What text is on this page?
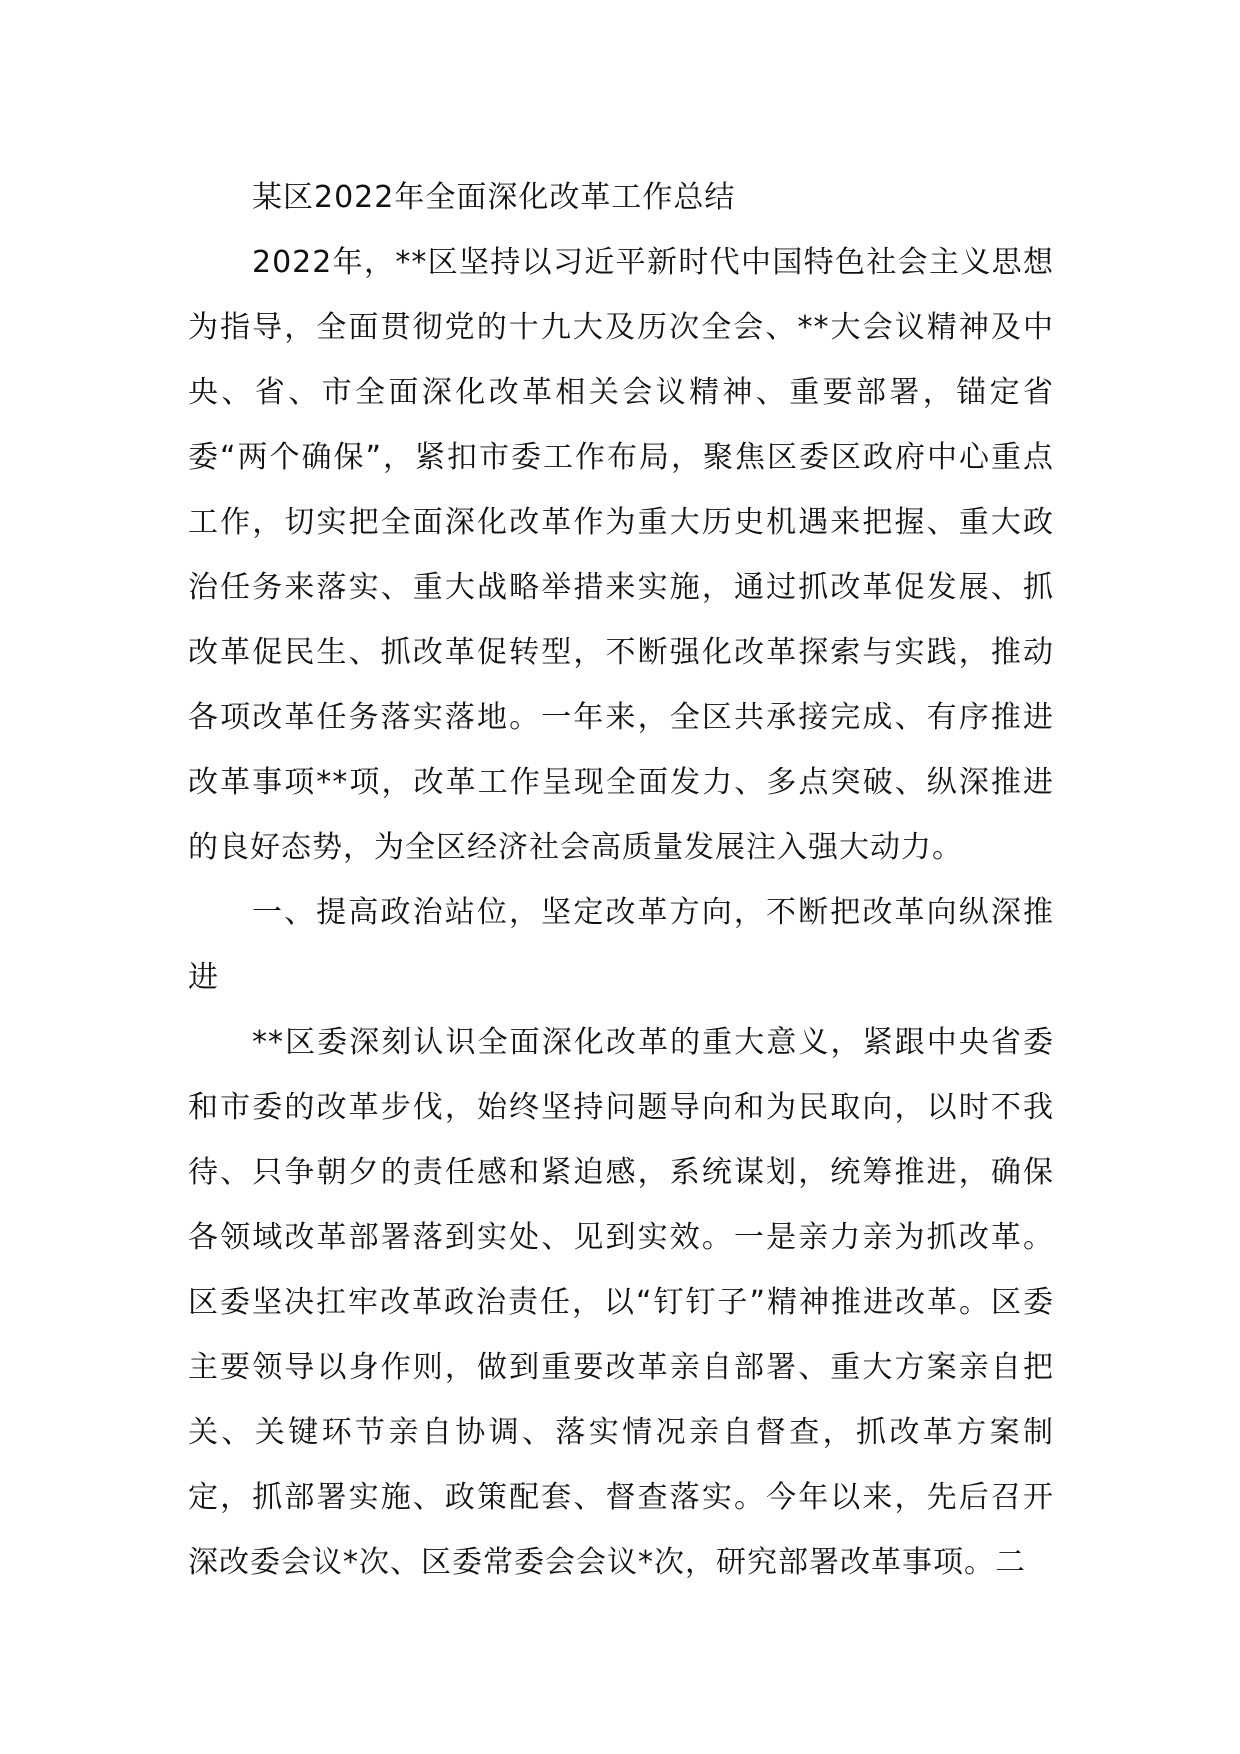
某区2022年全面深化改革工作总结

2022年，**区坚持以习近平新时代中国特色社会主义思想为指导，全面贯彻党的十九大及历次全会、**大会议精神及中央、省、市全面深化改革相关会议精神、重要部署，锚定省委“两个确保”，紧扣市委工作布局，聚焦区委区政府中心重点工作，切实把全面深化改革作为重大历史机遇来把握、重大政治任务来落实、重大战略举措来实施，通过抓改革促发展、抓改革促民生、抓改革促转型，不断强化改革探索与实践，推动各项改革任务落实落地。一年来，全区共承接完成、有序推进改革事项**项，改革工作呈现全面发力、多点突破、纵深推进的良好态势，为全区经济社会高质量发展注入强大动力。

一、提高政治站位，坚定改革方向，不断把改革向纵深推进

**区委深刻认识全面深化改革的重大意义，紧跟中央省委和市委的改革步伐，始终坚持问题导向和为民取向，以时不我待、只争朝夕的责任感和紧迫感，系统谋划，统筹推进，确保各领域改革部署落到实处、见到实效。一是亲力亲为抓改革。区委坚决扛牢改革政治责任，以“钉钉子”精神推进改革。区委主要领导以身作则，做到重要改革亲自部署、重大方案亲自把关、关键环节亲自协调、落实情况亲自督查，抓改革方案制定，抓部署实施、政策配套、督查落实。今年以来，先后召开深改委会议*次、区委常委会会议*次，研究部署改革事项。二
